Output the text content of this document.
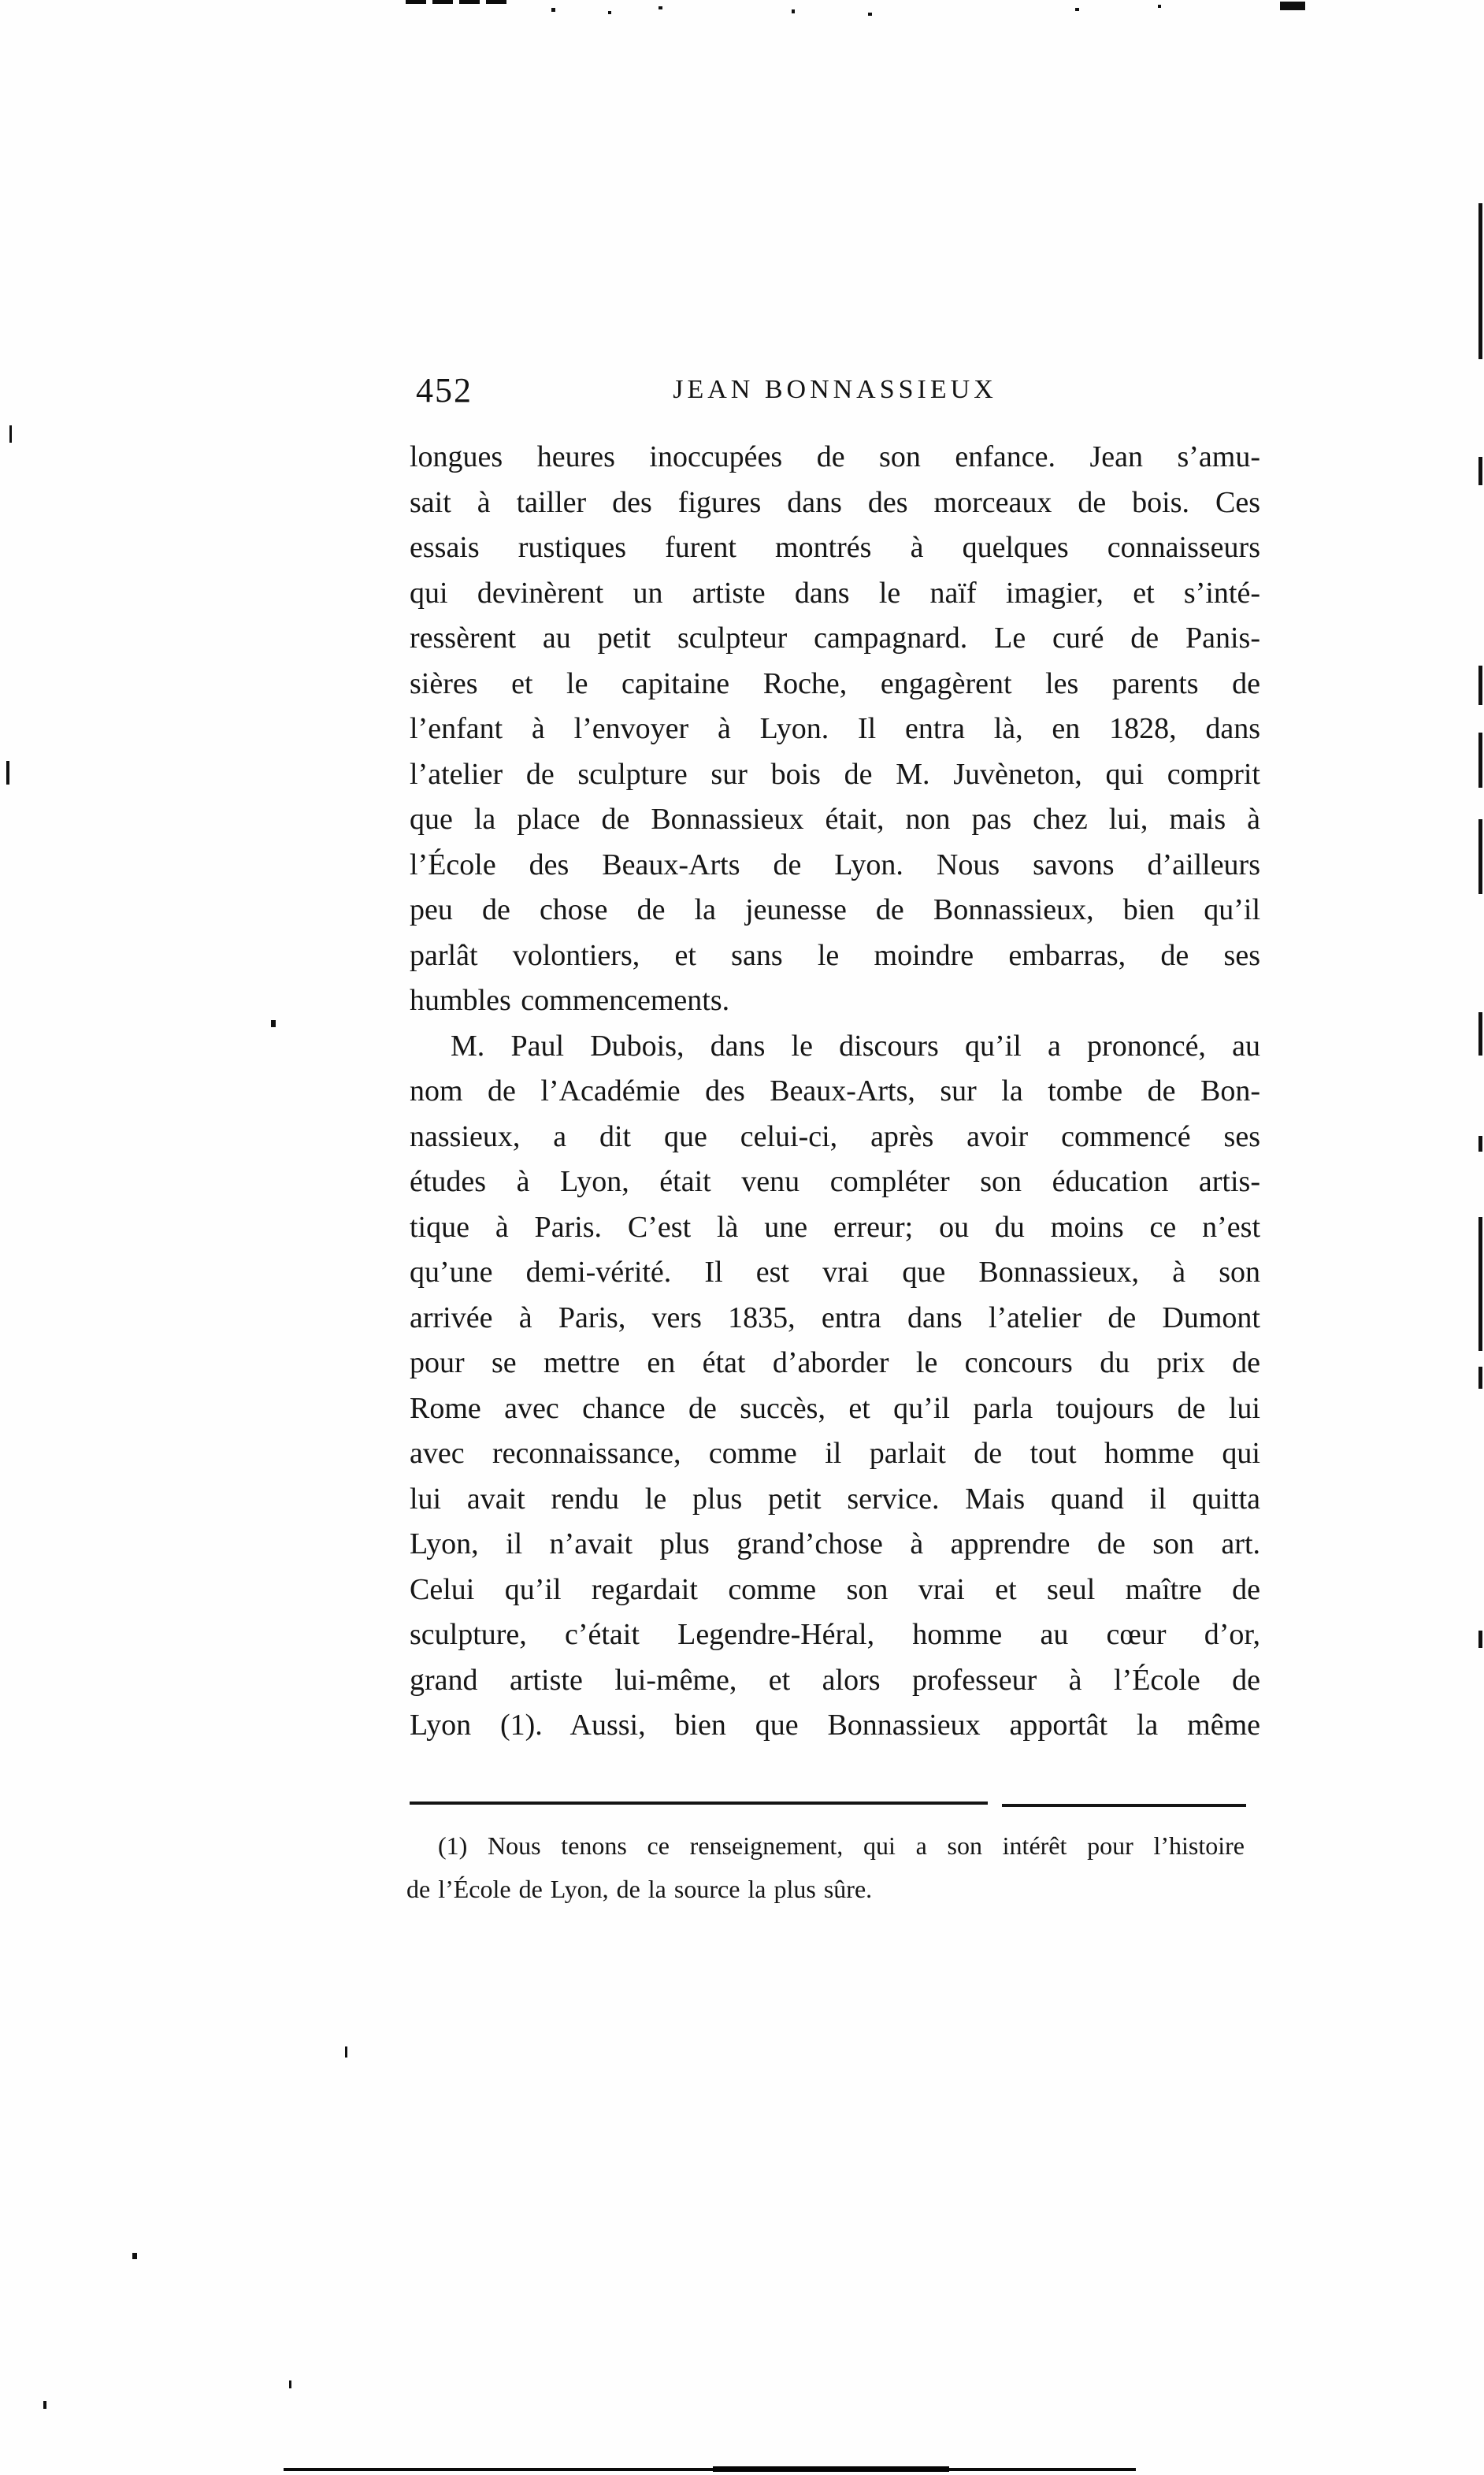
452	JEAN BONNASSIEUX
longues heures inoccupées de son enfance. Jean s’amu-
sait à tailler des figures dans des morceaux de bois. Ces
essais rustiques furent montrés à quelques connaisseurs
qui devinèrent un artiste dans le naïf imagier, et s’inté-
ressèrent au petit sculpteur campagnard. Le curé de Panis-
sières et le capitaine Roche, engagèrent les parents de
l’enfant à l’envoyer à Lyon. Il entra là, en 1828, dans
l’atelier de sculpture sur bois de M. Juvèneton, qui comprit
que la place de Bonnassieux était, non pas chez lui, mais à
l’École des Beaux-Arts de Lyon. Nous savons d’ailleurs
peu de chose de la jeunesse de Bonnassieux, bien qu’il
parlât volontiers, et sans le moindre embarras, de ses
humbles commencements.
M. Paul Dubois, dans le discours qu’il a prononcé, au
nom de l’Académie des Beaux-Arts, sur la tombe de Bon-
nassieux, a dit que celui-ci, après avoir commencé ses
études à Lyon, était venu compléter son éducation artis-
tique à Paris. C’est là une erreur; ou du moins ce n’est
qu’une demi-vérité. Il est vrai que Bonnassieux, à son
arrivée à Paris, vers 1835, entra dans l’atelier de Dumont
pour se mettre en état d’aborder le concours du prix de
Rome avec chance de succès, et qu’il parla toujours de lui
avec reconnaissance, comme il parlait de tout homme qui
lui avait rendu le plus petit service. Mais quand il quitta
Lyon, il n’avait plus grand’chose à apprendre de son art.
Celui qu’il regardait comme son vrai et seul maître de
sculpture, c’était Legendre-Héral, homme au cœur d’or,
grand artiste lui-même, et alors professeur à l’École de
Lyon (1). Aussi, bien que Bonnassieux apportât la même
(1) Nous tenons ce renseignement, qui a son intérêt pour l’histoire
de l’École de Lyon, de la source la plus sûre.
